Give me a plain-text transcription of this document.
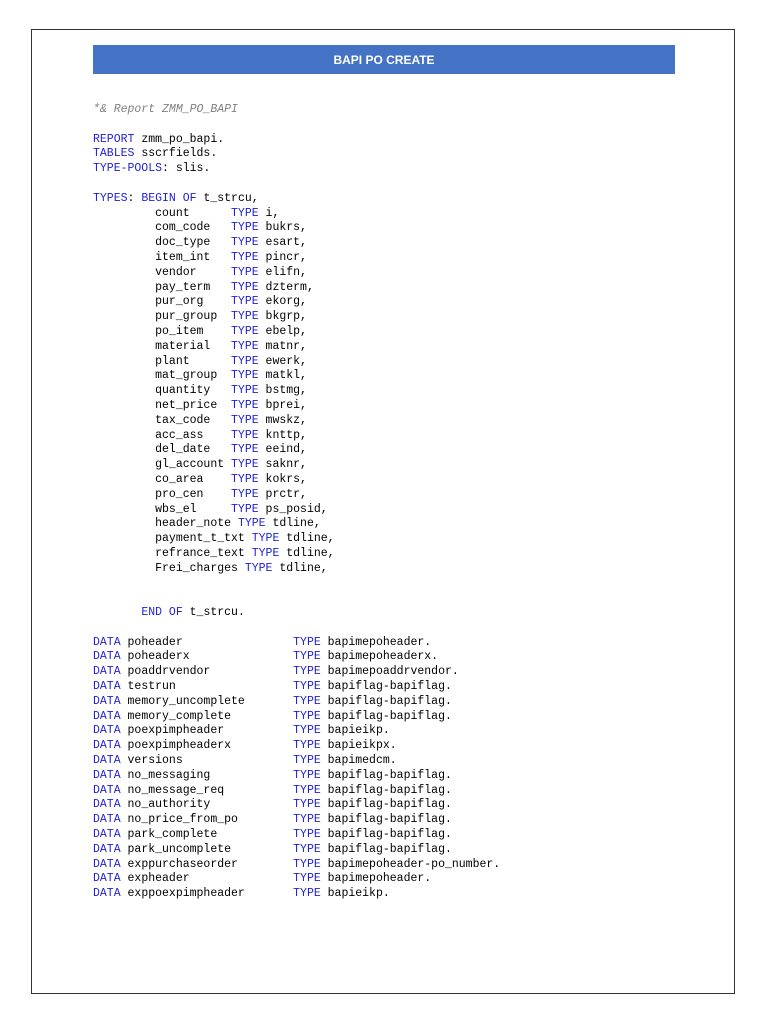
BAPI PO CREATE
*& Report ZMM_PO_BAPI
REPORT zmm_po_bapi.
TABLES sscrfields.
TYPE-POOLS: slis.
TYPES: BEGIN OF t_strcu,
count      TYPE i,
com_code   TYPE bukrs,
doc_type   TYPE esart,
item_int   TYPE pincr,
vendor     TYPE elifn,
pay_term   TYPE dzterm,
pur_org    TYPE ekorg,
pur_group  TYPE bkgrp,
po_item    TYPE ebelp,
material   TYPE matnr,
plant      TYPE ewerk,
mat_group  TYPE matkl,
quantity   TYPE bstmg,
net_price  TYPE bprei,
tax_code   TYPE mwskz,
acc_ass    TYPE knttp,
del_date   TYPE eeind,
gl_account TYPE saknr,
co_area    TYPE kokrs,
pro_cen    TYPE prctr,
wbs_el     TYPE ps_posid,
header_note TYPE tdline,
payment_t_txt TYPE tdline,
refrance_text TYPE tdline,
Frei_charges TYPE tdline,
END OF t_strcu.
DATA poheader                TYPE bapimepoheader.
DATA poheaderx               TYPE bapimepoheaderx.
DATA poaddrvendor            TYPE bapimepoaddrvendor.
DATA testrun                 TYPE bapiflag-bapiflag.
DATA memory_uncomplete       TYPE bapiflag-bapiflag.
DATA memory_complete         TYPE bapiflag-bapiflag.
DATA poexpimpheader          TYPE bapieikp.
DATA poexpimpheaderx         TYPE bapieikpx.
DATA versions                TYPE bapimedcm.
DATA no_messaging            TYPE bapiflag-bapiflag.
DATA no_message_req          TYPE bapiflag-bapiflag.
DATA no_authority            TYPE bapiflag-bapiflag.
DATA no_price_from_po        TYPE bapiflag-bapiflag.
DATA park_complete           TYPE bapiflag-bapiflag.
DATA park_uncomplete         TYPE bapiflag-bapiflag.
DATA exppurchaseorder        TYPE bapimepoheader-po_number.
DATA expheader               TYPE bapimepoheader.
DATA exppoexpimpheader       TYPE bapieikp.
